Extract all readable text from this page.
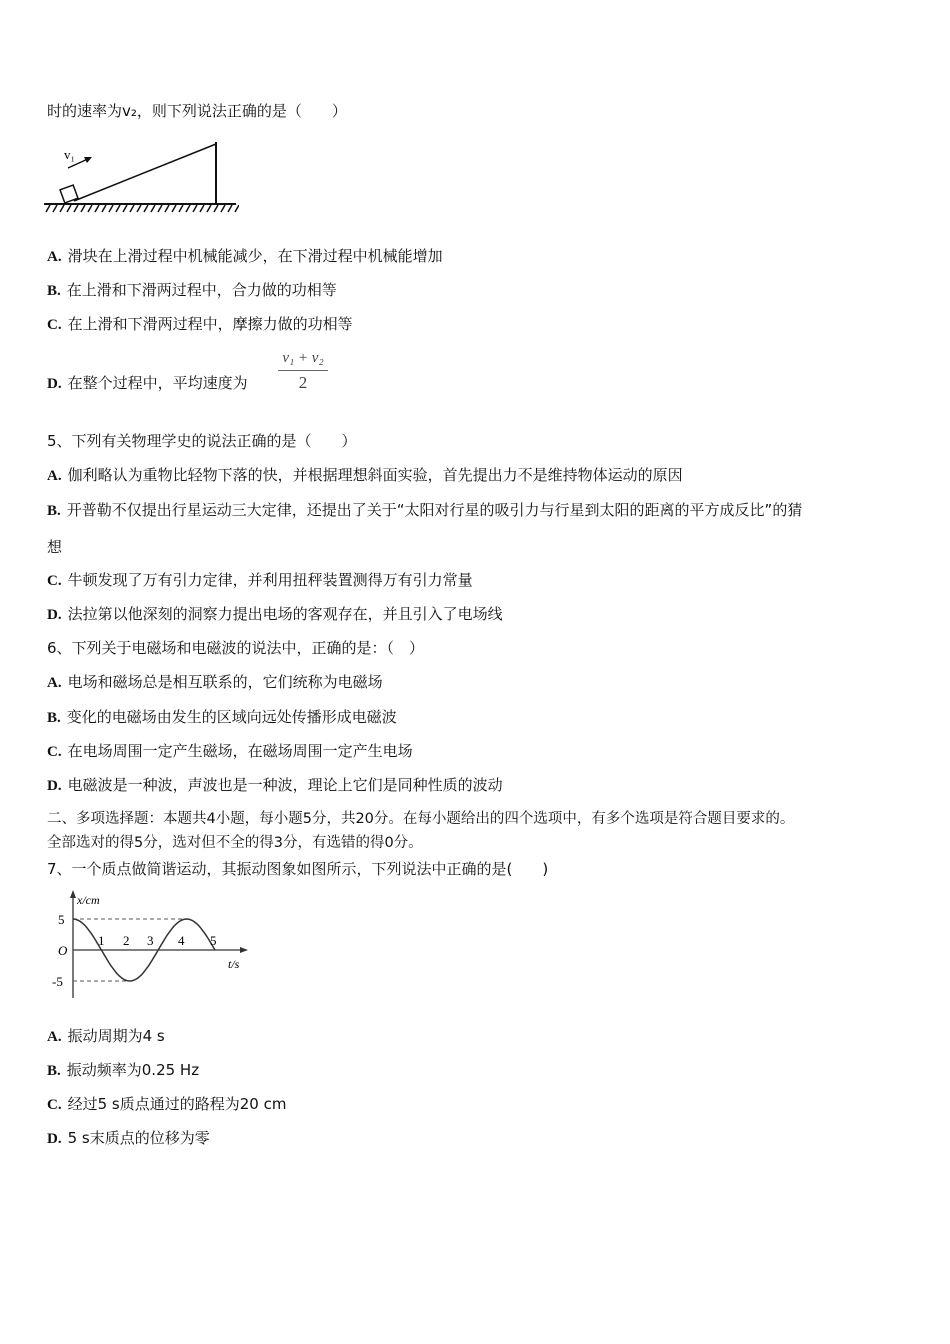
时的速率为v₂，则下列说法正确的是（　　）
v₁
A. 滑块在上滑过程中机械能减少，在下滑过程中机械能增加
B. 在上滑和下滑两过程中，合力做的功相等
C. 在上滑和下滑两过程中，摩擦力做的功相等
D. 在整个过程中，平均速度为 $\frac{\text{v₁ + v₂}}{2}$
5、下列有关物理学史的说法正确的是（　　）
A. 伽利略认为重物比轻物下落的快，并根据理想斜面实验，首先提出力不是维持物体运动的原因
B. 开普勒不仅提出行星运动三大定律，还提出了关于“太阳对行星的吸引力与行星到太阳的距离的平方成反比”的猜
想
C. 牛顿发现了万有引力定律，并利用扭秤装置测得万有引力常量
D. 法拉第以他深刻的洞察力提出电场的客观存在，并且引入了电场线
6、下列关于电磁场和电磁波的说法中，正确的是：（　）
A. 电场和磁场总是相互联系的，它们统称为电磁场
B. 变化的电磁场由发生的区域向远处传播形成电磁波
C. 在电场周围一定产生磁场，在磁场周围一定产生电场
D. 电磁波是一种波，声波也是一种波，理论上它们是同种性质的波动
二、多项选择题：本题共4小题，每小题5分，共20分。在每小题给出的四个选项中，有多个选项是符合题目要求的。
全部选对的得5分，选对但不全的得3分，有选错的得0分。
7、一个质点做简谐运动，其振动图象如图所示，下列说法中正确的是(　　)
x/cm
t/s
O
5
-5
1 2 3 4 5
A. 振动周期为4 s
B. 振动频率为0.25 Hz
C. 经过5 s质点通过的路程为20 cm
D. 5 s末质点的位移为零
